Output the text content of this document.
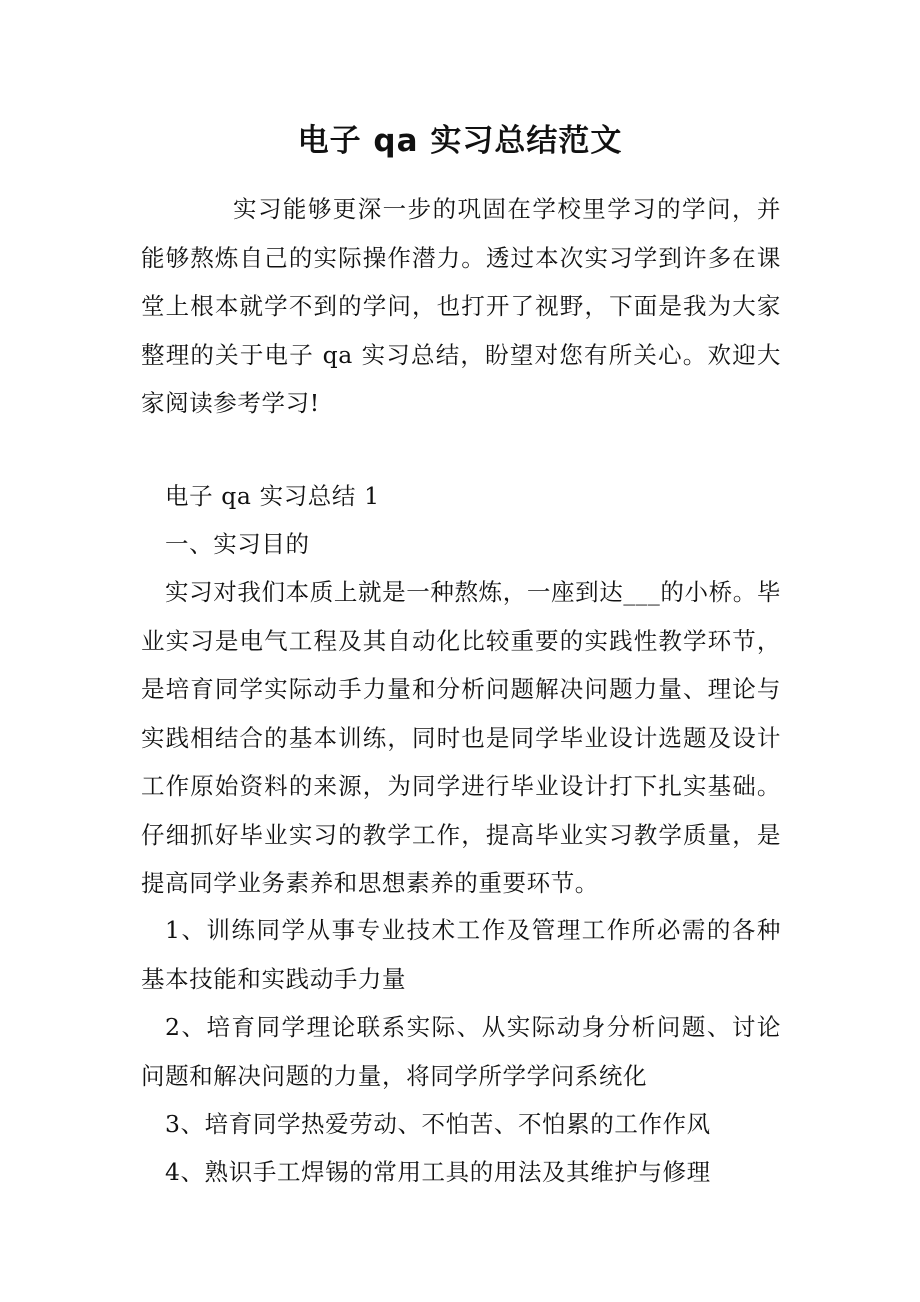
电子 qa 实习总结范文

实习能够更深一步的巩固在学校里学习的学问，并能够熬炼自己的实际操作潜力。透过本次实习学到许多在课堂上根本就学不到的学问，也打开了视野，下面是我为大家整理的关于电子 qa 实习总结，盼望对您有所关心。欢迎大家阅读参考学习!

电子 qa 实习总结 1

一、实习目的

实习对我们本质上就是一种熬炼，一座到达___的小桥。毕业实习是电气工程及其自动化比较重要的实践性教学环节，是培育同学实际动手力量和分析问题解决问题力量、理论与实践相结合的基本训练，同时也是同学毕业设计选题及设计工作原始资料的来源，为同学进行毕业设计打下扎实基础。仔细抓好毕业实习的教学工作，提高毕业实习教学质量，是提高同学业务素养和思想素养的重要环节。

1、训练同学从事专业技术工作及管理工作所必需的各种基本技能和实践动手力量

2、培育同学理论联系实际、从实际动身分析问题、讨论问题和解决问题的力量，将同学所学学问系统化

3、培育同学热爱劳动、不怕苦、不怕累的工作作风

4、熟识手工焊锡的常用工具的用法及其维护与修理
